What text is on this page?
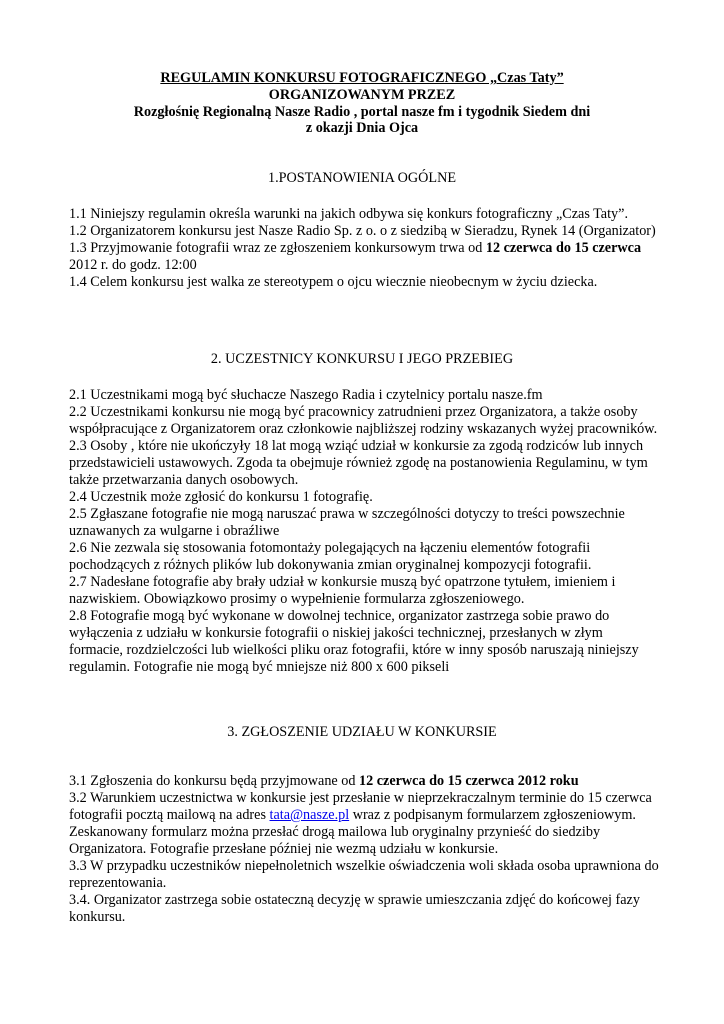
REGULAMIN KONKURSU FOTOGRAFICZNEGO „Czas Taty”
ORGANIZOWANYM PRZEZ
Rozgłośnię Regionalną Nasze Radio , portal nasze fm i tygodnik Siedem dni
z okazji Dnia Ojca
1.POSTANOWIENIA OGÓLNE

1.1 Niniejszy regulamin określa warunki na jakich odbywa się konkurs fotograficzny „Czas Taty”.

1.2 Organizatorem konkursu jest Nasze Radio Sp. z o. o z siedzibą w Sieradzu, Rynek 14 (Organizator)

1.3 Przyjmowanie fotografii wraz ze zgłoszeniem konkursowym trwa od 12 czerwca do 15 czerwca 2012 r. do godz. 12:00

1.4 Celem konkursu jest walka ze stereotypem o ojcu wiecznie nieobecnym w życiu dziecka.

2. UCZESTNICY KONKURSU I JEGO PRZEBIEG

2.1 Uczestnikami mogą być słuchacze Naszego Radia i czytelnicy portalu nasze.fm

2.2 Uczestnikami konkursu nie mogą być pracownicy zatrudnieni przez Organizatora, a także osoby współpracujące z Organizatorem oraz członkowie najbliższej rodziny wskazanych wyżej pracowników.

2.3 Osoby , które nie ukończyły 18 lat mogą wziąć udział w konkursie za zgodą rodziców lub innych przedstawicieli ustawowych. Zgoda ta obejmuje również zgodę na postanowienia Regulaminu, w tym także przetwarzania danych osobowych.

2.4 Uczestnik może zgłosić do konkursu 1 fotografię.

2.5 Zgłaszane fotografie nie mogą naruszać prawa w szczególności dotyczy to treści powszechnie uznawanych za wulgarne i obraźliwe

2.6 Nie zezwala się stosowania fotomontaży polegających na łączeniu elementów fotografii pochodzących z różnych plików lub dokonywania zmian oryginalnej kompozycji fotografii.

2.7 Nadesłane fotografie aby brały udział w konkursie muszą być opatrzone tytułem, imieniem i nazwiskiem. Obowiązkowo prosimy o wypełnienie formularza zgłoszeniowego.

2.8 Fotografie mogą być wykonane w dowolnej technice, organizator zastrzega sobie prawo do wyłączenia z udziału w konkursie fotografii o niskiej jakości technicznej, przesłanych w złym formacie, rozdzielczości lub wielkości pliku oraz fotografii, które w inny sposób naruszają niniejszy regulamin. Fotografie nie mogą być mniejsze niż 800 x 600 pikseli

3. ZGŁOSZENIE UDZIAŁU W KONKURSIE

3.1 Zgłoszenia do konkursu będą przyjmowane od 12 czerwca do 15 czerwca 2012 roku

3.2 Warunkiem uczestnictwa w konkursie jest przesłanie w nieprzekraczalnym terminie do 15 czerwca fotografii pocztą mailową na adres tata@nasze.pl wraz z podpisanym formularzem zgłoszeniowym. Zeskanowany formularz można przesłać drogą mailowa lub oryginalny przynieść do siedziby Organizatora. Fotografie przesłane później nie wezmą udziału w konkursie.

3.3 W przypadku uczestników niepełnoletnich wszelkie oświadczenia woli składa osoba uprawniona do reprezentowania.

3.4. Organizator zastrzega sobie ostateczną decyzję w sprawie umieszczania zdjęć do końcowej fazy konkursu.
